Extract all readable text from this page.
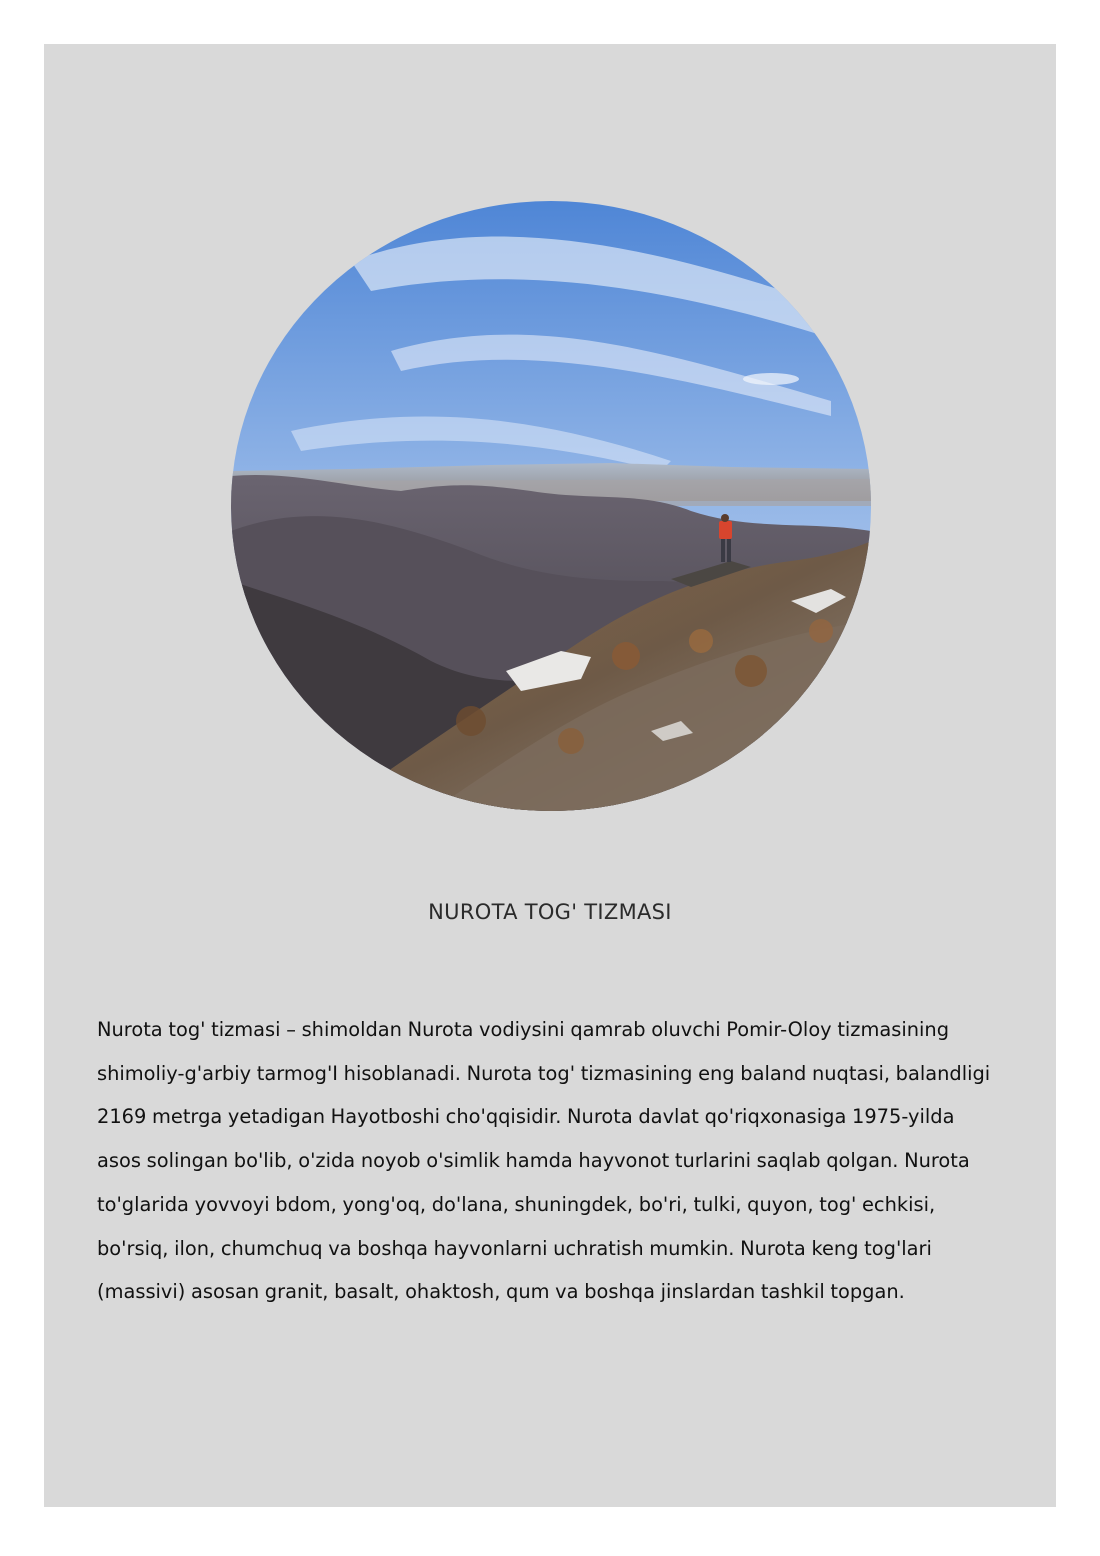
NUROTA TOG' TIZMASI

Nurota tog' tizmasi – shimoldan Nurota vodiysini qamrab oluvchi Pomir-Oloy tizmasining shimoliy-g'arbiy tarmog'I hisoblanadi. Nurota tog' tizmasining eng baland nuqtasi, balandligi 2169 metrga yetadigan Hayotboshi cho'qqisidir. Nurota davlat qo'riqxonasiga 1975-yilda asos solingan bo'lib, o'zida noyob o'simlik hamda hayvonot turlarini saqlab qolgan. Nurota to'glarida yovvoyi bdom, yong'oq, do'lana, shuningdek, bo'ri, tulki, quyon, tog' echkisi, bo'rsiq, ilon, chumchuq va boshqa hayvonlarni uchratish mumkin. Nurota keng tog'lari (massivi) asosan granit, basalt, ohaktosh, qum va boshqa jinslardan tashkil topgan.
